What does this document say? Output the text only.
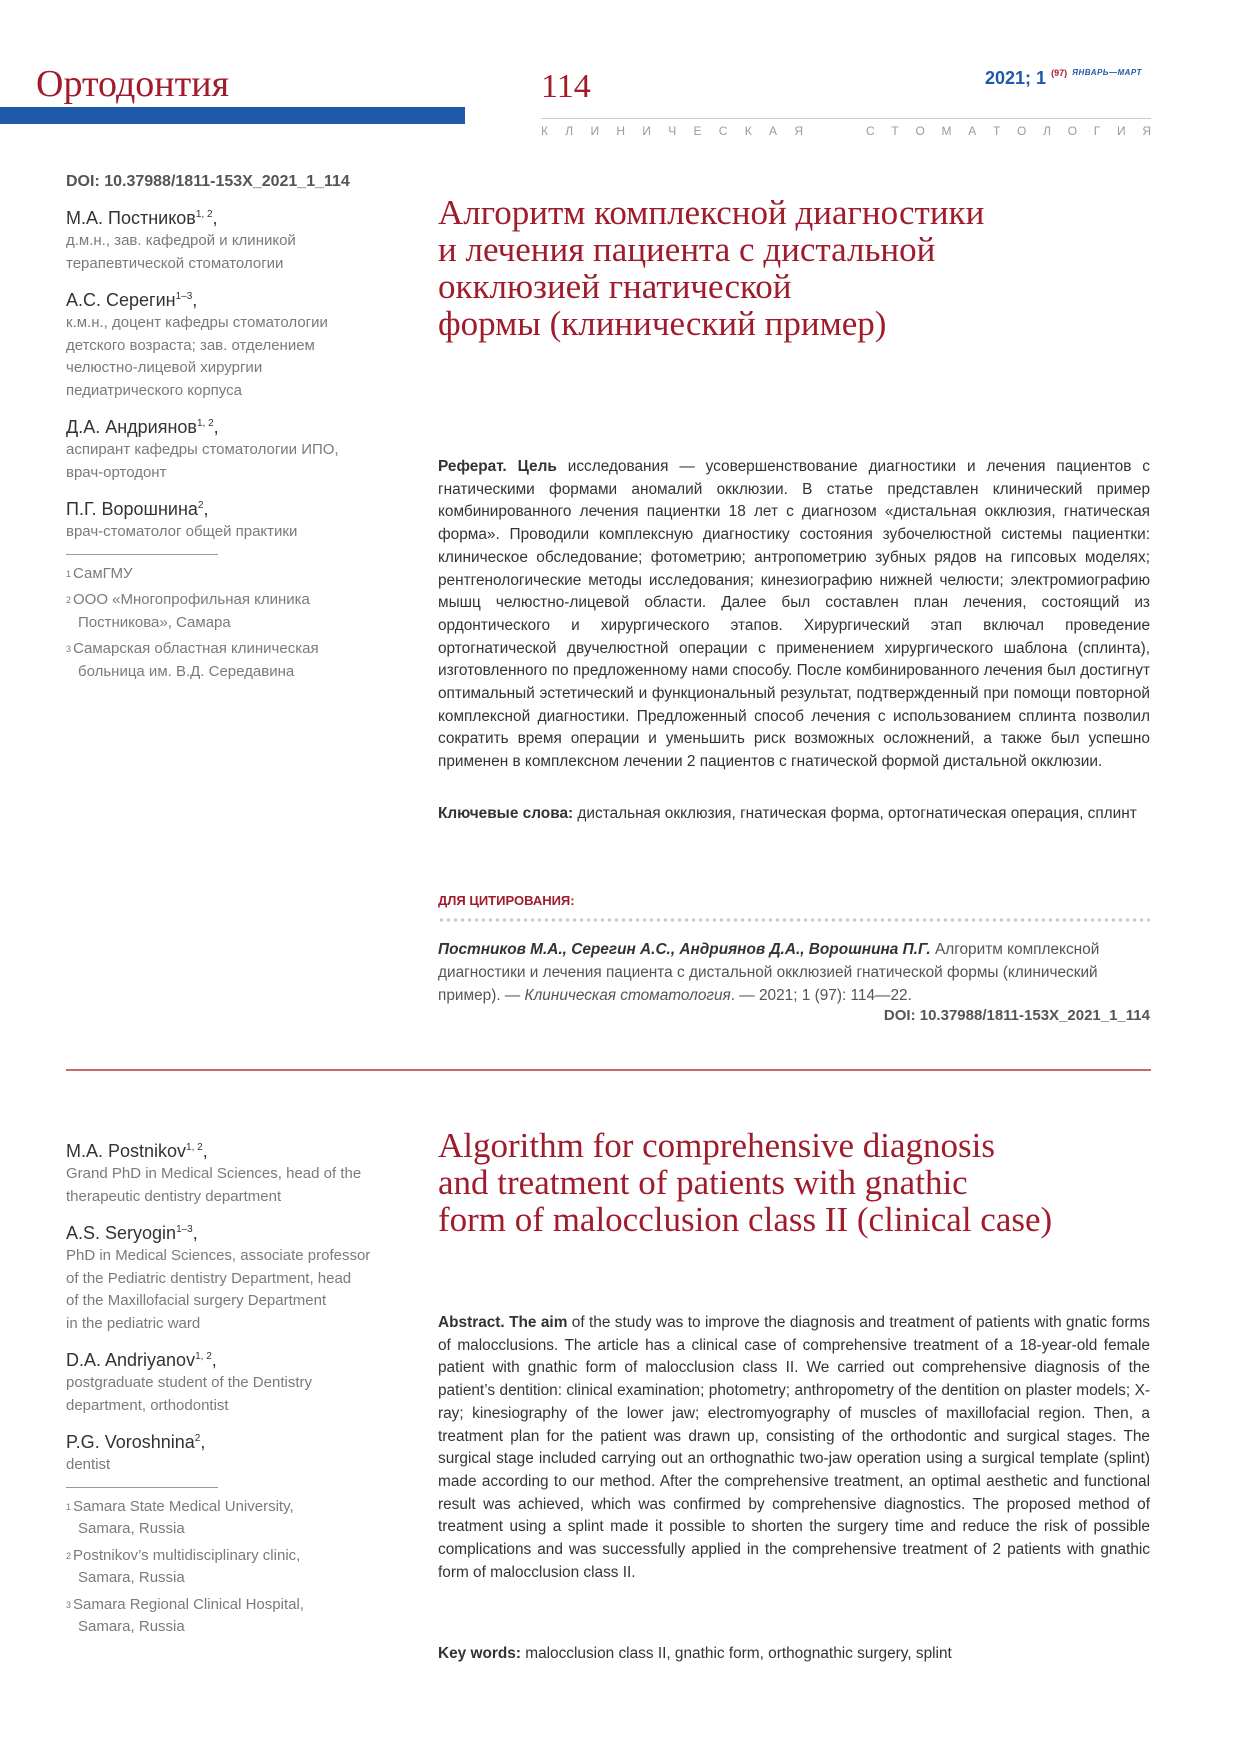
Ортодонтия	114	2021; 1 $^{(97)}$ $^{ЯНВАРЬ—МАРТ}$
К Л И Н И Ч Е С К А Я	С Т О М А Т О Л О Г И Я
DOI: 10.37988/1811-153X_2021_1_114

М.А. Постников$^{1, 2}$,

д.м.н., зав. кафедрой и клиникой
терапевтической стоматологии

А.С. Серегин$^{1-3}$,

к.м.н., доцент кафедры стоматологии
детского возраста; зав. отделением
челюстно-лицевой хирургии
педиатрического корпуса

Д.А. Андриянов$^{1, 2}$,

аспирант кафедры стоматологии ИПО,
врач-ортодонт

П.Г. Ворошнина$^2$,

врач-стоматолог общей практики

$^1$ СамГМУ

$^2$ ООО «Многопрофильная клиника
Постникова», Самара

$^3$ Самарская областная клиническая
больница им. В.Д. Середавина

Алгоритм комплексной диагностики
и лечения пациента с дистальной
окклюзией гнатической
формы (клинический пример)
Реферат. Цель исследования — усовершенствование диагностики и лечения пациентов с гнатическими формами аномалий окклюзии. В статье представлен клинический пример комбинированного лечения пациентки 18 лет с диагнозом «дистальная окклюзия, гнатическая форма». Проводили комплексную диагностику состояния зубочелюстной системы пациентки: клиническое обследование; фотометрию; антропометрию зубных рядов на гипсовых моделях; рентгенологические методы исследования; кинезиографию нижней челюсти; электромиографию мышц челюстно-лицевой области. Далее был составлен план лечения, состоящий из ордонтического и хирургического этапов. Хирургический этап включал проведение ортогнатической двучелюстной операции с применением хирургического шаблона (сплинта), изготовленного по предложенному нами способу. После комбинированного лечения был достигнут оптимальный эстетический и функциональный результат, подтвержденный при помощи повторной комплексной диагностики. Предложенный способ лечения с использованием сплинта позволил сократить время операции и уменьшить риск возможных осложнений, а также был успешно применен в комплексном лечении 2 пациентов с гнатической формой дистальной окклюзии.
Ключевые слова: дистальная окклюзия, гнатическая форма, ортогнатическая операция, сплинт
ДЛЯ ЦИТИРОВАНИЯ:
Постников М.А., Серегин А.С., Андриянов Д.А., Ворошнина П.Г. Алгоритм комплексной диагностики и лечения пациента с дистальной окклюзией гнатической формы (клинический пример). — Клиническая стоматология. — 2021; 1 (97): 114—22.
DOI: 10.37988/1811-153X_2021_1_114

M.A. Postnikov$^{1, 2}$,

Grand PhD in Medical Sciences, head of the
therapeutic dentistry department

A.S. Seryogin$^{1-3}$,

PhD in Medical Sciences, associate professor
of the Pediatric dentistry Department, head
of the Maxillofacial surgery Department
in the pediatric ward

D.A. Andriyanov$^{1, 2}$,

postgraduate student of the Dentistry
department, orthodontist

P.G. Voroshnina$^2$,

dentist

$^1$ Samara State Medical University,
Samara, Russia

$^2$ Postnikov’s multidisciplinary clinic,
Samara, Russia

$^3$ Samara Regional Clinical Hospital,
Samara, Russia

Algorithm for comprehensive diagnosis
and treatment of patients with gnathic
form of malocclusion class II (clinical case)
Abstract. The aim of the study was to improve the diagnosis and treatment of patients with gnatic forms of malocclusions. The article has a clinical case of comprehensive treatment of a 18-year-old female patient with gnathic form of malocclusion class II. We carried out comprehensive diagnosis of the patient’s dentition: clinical examination; photometry; anthropometry of the dentition on plaster models; X-ray; kinesiography of the lower jaw; electromyography of muscles of maxillofacial region. Then, a treatment plan for the patient was drawn up, consisting of the orthodontic and surgical stages. The surgical stage included carrying out an orthognathic two-jaw operation using a surgical template (splint) made according to our method. After the comprehensive treatment, an optimal aesthetic and functional result was achieved, which was confirmed by comprehensive diagnostics. The proposed method of treatment using a splint made it possible to shorten the surgery time and reduce the risk of possible complications and was successfully applied in the comprehensive treatment of 2 patients with gnathic form of malocclusion class II.
Key words: malocclusion class II, gnathic form, orthognathic surgery, splint
